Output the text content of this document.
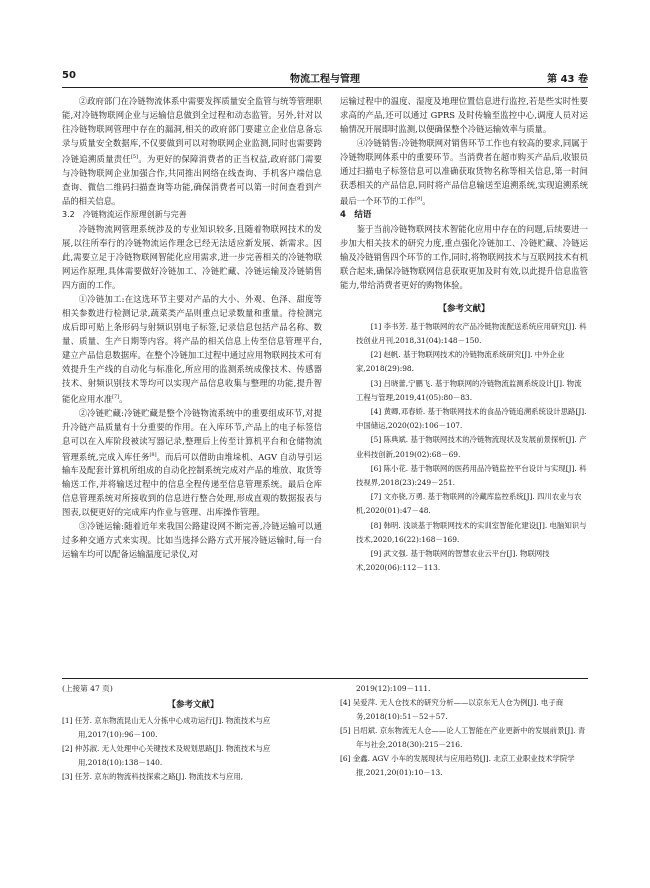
50	物流工程与管理	第 43 卷

②政府部门在冷链物流体系中需要发挥质量安全监管与统等管理职能,对冷链物联网企业与运输信息做到全过程和动态监管。另外,针对以往冷链物联网管理中存在的漏洞,相关的政府部门要建立企业信息备忘录与质量安全数据库,不仅要做到可以对物联网企业监测,同时也需要跨冷链追溯质量责任[5]。为更好的保障消费者的正当权益,政府部门需要与冷链物联网企业加强合作,共同推出网络在线查询、手机客户端信息查询、微信二维码扫描查询等功能,确保消费者可以第一时间查看到产品的相关信息。

3.2　冷链物流运作原理创新与完善

冷链物流网管理系统涉及的专业知识较多,且随着物联网技术的发展,以往所奉行的冷链物流运作理念已经无法适应新发展、新需求。因此,需要立足于冷链物联网智能化应用需求,进一步完善相关的冷链物联网运作原理,具体需要做好冷链加工、冷链贮藏、冷链运输及冷链销售四方面的工作。

①冷链加工:在这选环节主要对产品的大小、外观、色泽、甜度等相关参数进行检测记录,蔬菜类产品则重点记录数量和重量。待检测完成后即可贴上条形码与射频识别电子标签,记录信息包括产品名称、数量、质量、生产日期等内容。将产品的相关信息上传至信息管理平台,建立产品信息数据库。在整个冷链加工过程中通过应用物联网技术可有效提升生产线的自动化与标准化,所应用的监测系统成像技术、传感器技术、射频识别技术等均可以实现产品信息收集与整理的功能,提升智能化应用水准[7]。

②冷链贮藏:冷链贮藏是整个冷链物流系统中的重要组成环节,对提升冷链产品质量有十分重要的作用。在入库环节,产品上的电子标签信息可以在入库阶段被读写器记录,整理后上传至计算机平台和仓储物流管理系统,完成入库任务[8]。而后可以借助由堆垛机、AGV 自动导引运输车及配套计算机所组成的自动化控制系统完成对产品的堆放、取货等输送工作,并将输送过程中的信息全程传递至信息管理系统。最后仓库信息管理系统对所接收到的信息进行整合处理,形成直观的数据报表与图表,以便更好的完成库内作业与管理、出库操作管理。

③冷链运输:随着近年来我国公路建设网不断完善,冷链运输可以通过多种交通方式来实现。比如当选择公路方式开展冷链运输时,每一台运输车均可以配备运输温度记录仪,对

运输过程中的温度、湿度及地理位置信息进行监控,若是些实时性要求高的产品,还可以通过 GPRS 及时传输至监控中心,调度人员对运输情况开展即时监测,以便确保整个冷链运输效率与质量。

④冷链销售:冷链物联网对销售环节工作也有较高的要求,同属于冷链物联网体系中的重要环节。当消费者在超市购买产品后,收银员通过扫描电子标签信息可以准确获取货物名称等相关信息,第一时间获悉相关的产品信息,同时将产品信息输送至追溯系统,实现追溯系统最后一个环节的工作[9]。

4　结语

鉴于当前冷链物联网技术智能化应用中存在的问题,后续要进一步加大相关技术的研究力度,重点强化冷链加工、冷链贮藏、冷链运输及冷链销售四个环节的工作,同时,将物联网技术与互联网技术有机联合起来,确保冷链物联网信息获取更加及时有效,以此提升信息监管能力,带给消费者更好的购物体验。

【参考文献】

[1] 李书芳. 基于物联网的农产品冷链物流配送系统应用研究[J]. 科技创业月刊,2018,31(04):148－150.

[2] 赵帆. 基于物联网技术的冷链物流系统研究[J]. 中外企业家,2018(29):98.

[3] 吕晓蕾,宁鹏飞. 基于物联网的冷链物流监测系统设计[J]. 物流工程与管理,2019,41(05):80－83.

[4] 黄卿,邓春娇. 基于物联网技术的食品冷链追溯系统设计思路[J]. 中国储运,2020(02):106－107.

[5] 陈典斌. 基于物联网技术的冷链物流现状及发展前景探析[J]. 产业科技创新,2019(02):68－69.

[6] 陈小花. 基于物联网的医药用品冷链监控平台设计与实现[J]. 科技视界,2018(23):249－251.

[7] 文亦骁,万勇. 基于物联网的冷藏库监控系统[J]. 四川农业与农机,2020(01):47－48.

[8] 韩明. 浅谈基于物联网技术的实训室智能化建设[J]. 电脑知识与技术,2020,16(22):168－169.

[9] 武文强. 基于物联网的智慧农业云平台[J]. 物联网技术,2020(06):112－113.

(上接第 47 页)

【参考文献】

[1] 任芳. 京东物流昆山无人分拣中心成功运行[J]. 物流技术与应用,2017(10):96－100.

[2] 仲苏淑. 无人处理中心关键技术及规划思路[J]. 物流技术与应用,2018(10):138－140.

[3] 任芳. 京东的物流科技探索之路[J]. 物流技术与应用,

2019(12):109－111.

[4] 吴爱萍. 无人仓技术的研究分析——以京东无人仓为例[J]. 电子商务,2018(10):51－52＋57.

[5] 吕绍斌. 京东物流无人仓——论人工智能在产业更新中的发展前景[J]. 青年与社会,2018(30):215－216.

[6] 金鑫. AGV 小车的发展现状与应用趋势[J]. 北京工业职业技术学院学报,2021,20(01):10－13.
